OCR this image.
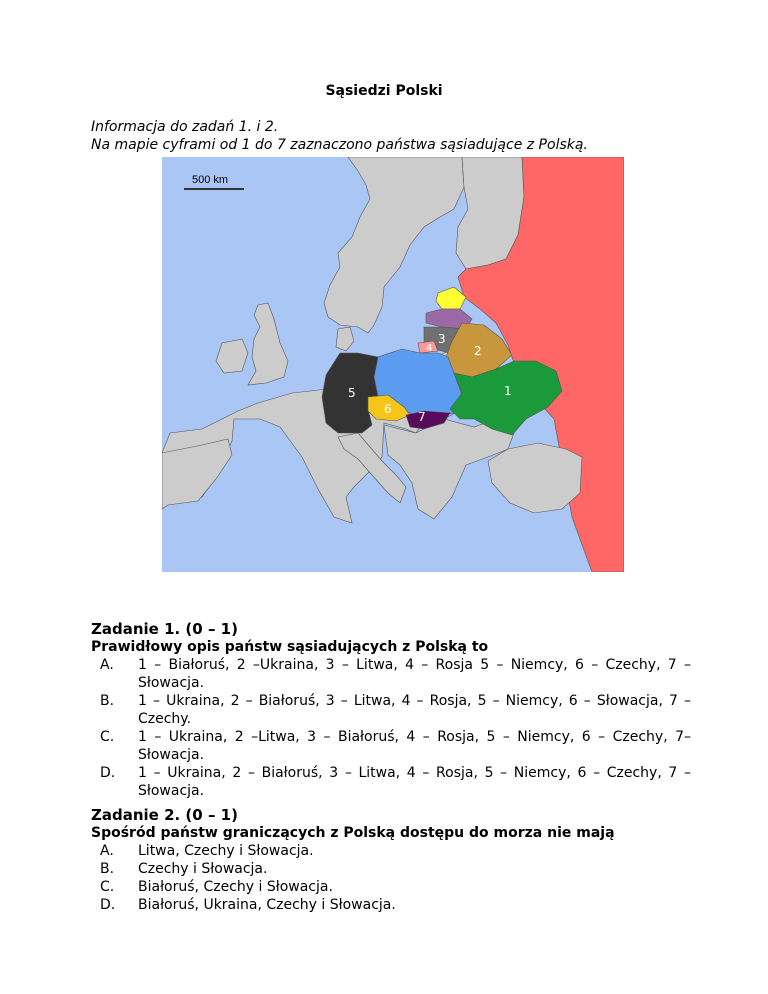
Sąsiedzi Polski
Informacja do zadań 1. i 2.
Na mapie cyframi od 1 do 7 zaznaczono państwa sąsiadujące z Polską.
500 km
1
2
3
4
5
6
7
Zadanie 1. (0 – 1)
Prawidłowy opis państw sąsiadujących z Polską to
A. 1 – Białoruś, 2 –Ukraina, 3 – Litwa, 4 – Rosja 5 – Niemcy, 6 – Czechy, 7 – Słowacja.
B. 1 – Ukraina, 2 – Białoruś, 3 – Litwa, 4 – Rosja, 5 – Niemcy, 6 – Słowacja, 7 – Czechy.
C. 1 – Ukraina, 2 –Litwa, 3 – Białoruś, 4 – Rosja, 5 – Niemcy, 6 – Czechy, 7– Słowacja.
D. 1 – Ukraina, 2 – Białoruś, 3 – Litwa, 4 – Rosja, 5 – Niemcy, 6 – Czechy, 7 – Słowacja.
Zadanie 2. (0 – 1)
Spośród państw graniczących z Polską dostępu do morza nie mają
A. Litwa, Czechy i Słowacja.
B. Czechy i Słowacja.
C. Białoruś, Czechy i Słowacja.
D. Białoruś, Ukraina, Czechy i Słowacja.
